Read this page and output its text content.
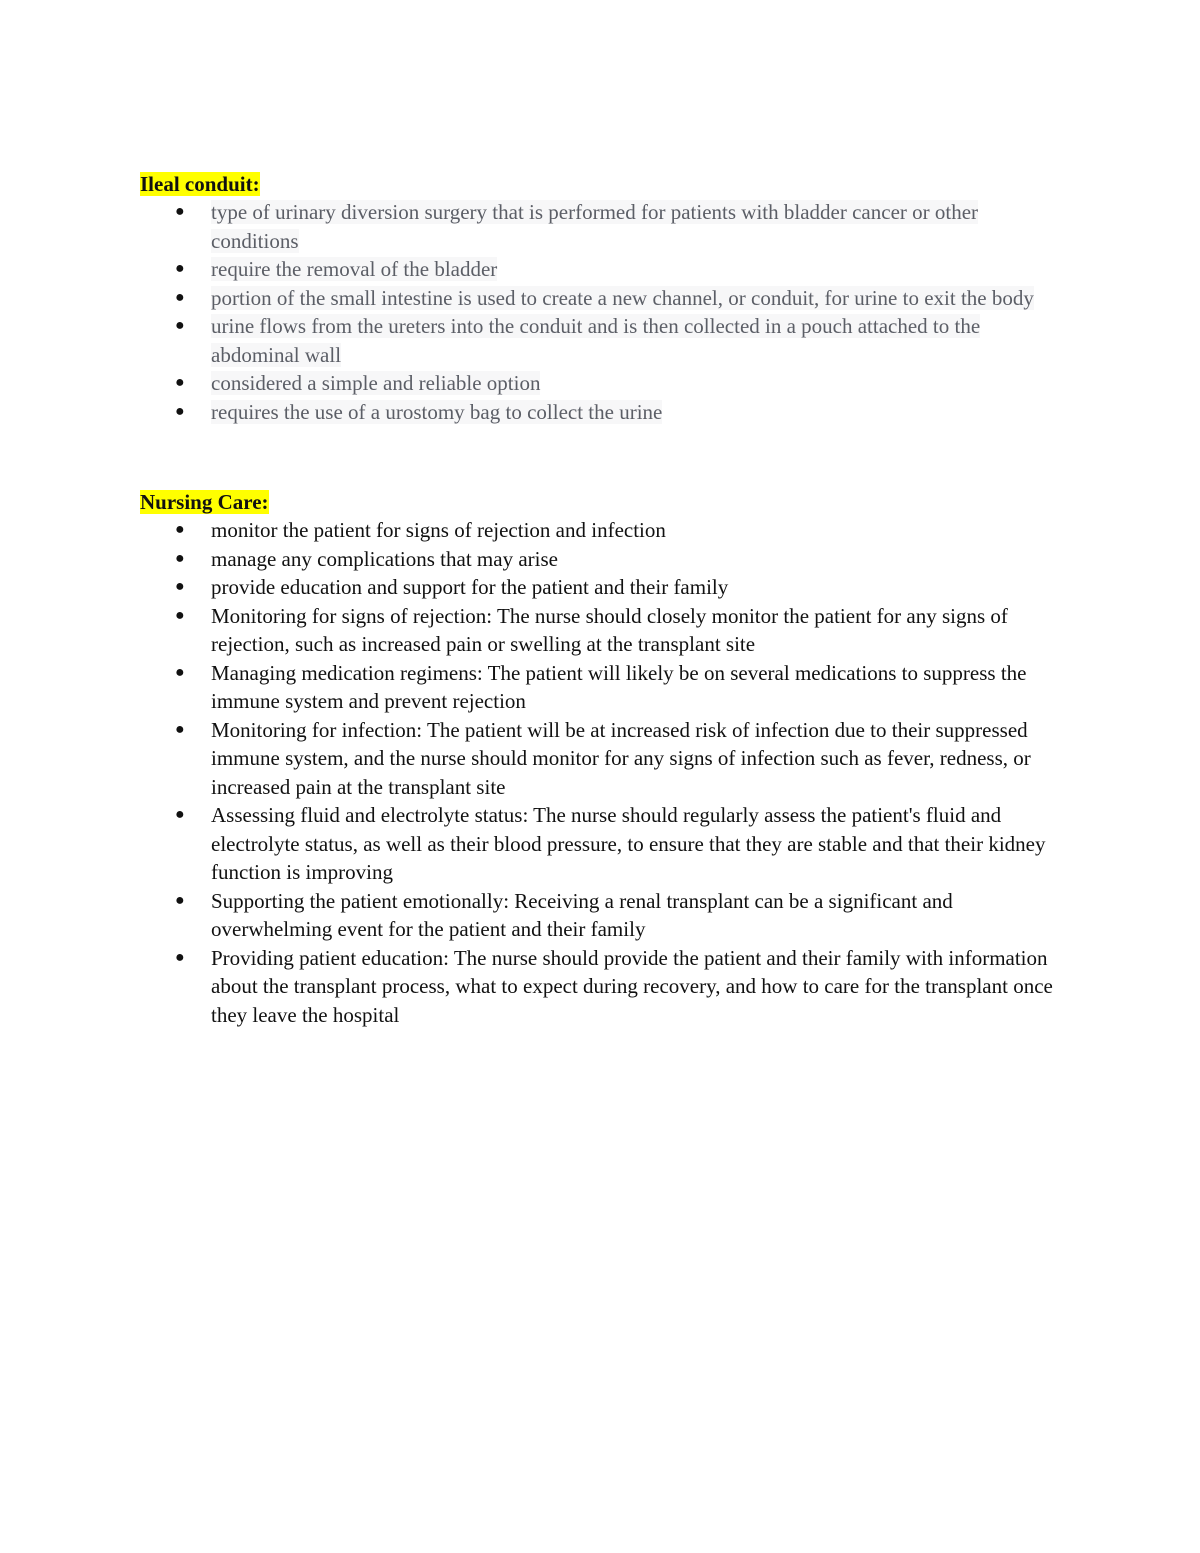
Ileal conduit:

● type of urinary diversion surgery that is performed for patients with bladder cancer or other conditions
● require the removal of the bladder
● portion of the small intestine is used to create a new channel, or conduit, for urine to exit the body
● urine flows from the ureters into the conduit and is then collected in a pouch attached to the abdominal wall
● considered a simple and reliable option
● requires the use of a urostomy bag to collect the urine

Nursing Care:

● monitor the patient for signs of rejection and infection
● manage any complications that may arise
● provide education and support for the patient and their family
● Monitoring for signs of rejection: The nurse should closely monitor the patient for any signs of rejection, such as increased pain or swelling at the transplant site
● Managing medication regimens: The patient will likely be on several medications to suppress the immune system and prevent rejection
● Monitoring for infection: The patient will be at increased risk of infection due to their suppressed immune system, and the nurse should monitor for any signs of infection such as fever, redness, or increased pain at the transplant site
● Assessing fluid and electrolyte status: The nurse should regularly assess the patient's fluid and electrolyte status, as well as their blood pressure, to ensure that they are stable and that their kidney function is improving
● Supporting the patient emotionally: Receiving a renal transplant can be a significant and overwhelming event for the patient and their family
● Providing patient education: The nurse should provide the patient and their family with information about the transplant process, what to expect during recovery, and how to care for the transplant once they leave the hospital
